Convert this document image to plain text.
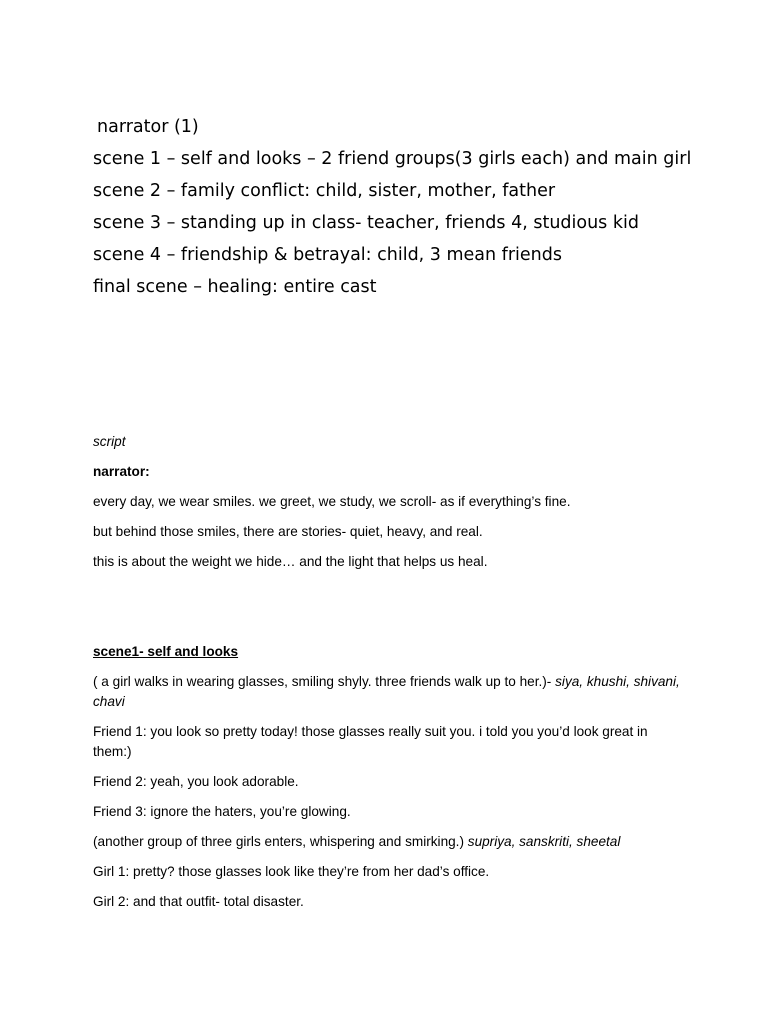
narrator (1)

scene 1 – self and looks – 2 friend groups(3 girls each) and main girl

scene 2 – family conflict: child, sister, mother, father

scene 3 – standing up in class- teacher, friends 4, studious kid

scene 4 – friendship & betrayal: child, 3 mean friends

final scene – healing: entire cast

script

narrator:

every day, we wear smiles. we greet, we study, we scroll- as if everything’s fine.

but behind those smiles, there are stories- quiet, heavy, and real.

this is about the weight we hide… and the light that helps us heal.

scene1- self and looks

( a girl walks in wearing glasses, smiling shyly. three friends walk up to her.)- siya, khushi, shivani, chavi

Friend 1: you look so pretty today! those glasses really suit you. i told you you’d look great in them:)

Friend 2: yeah, you look adorable.

Friend 3: ignore the haters, you’re glowing.

(another group of three girls enters, whispering and smirking.) supriya, sanskriti, sheetal

Girl 1: pretty? those glasses look like they’re from her dad’s office.

Girl 2: and that outfit- total disaster.
